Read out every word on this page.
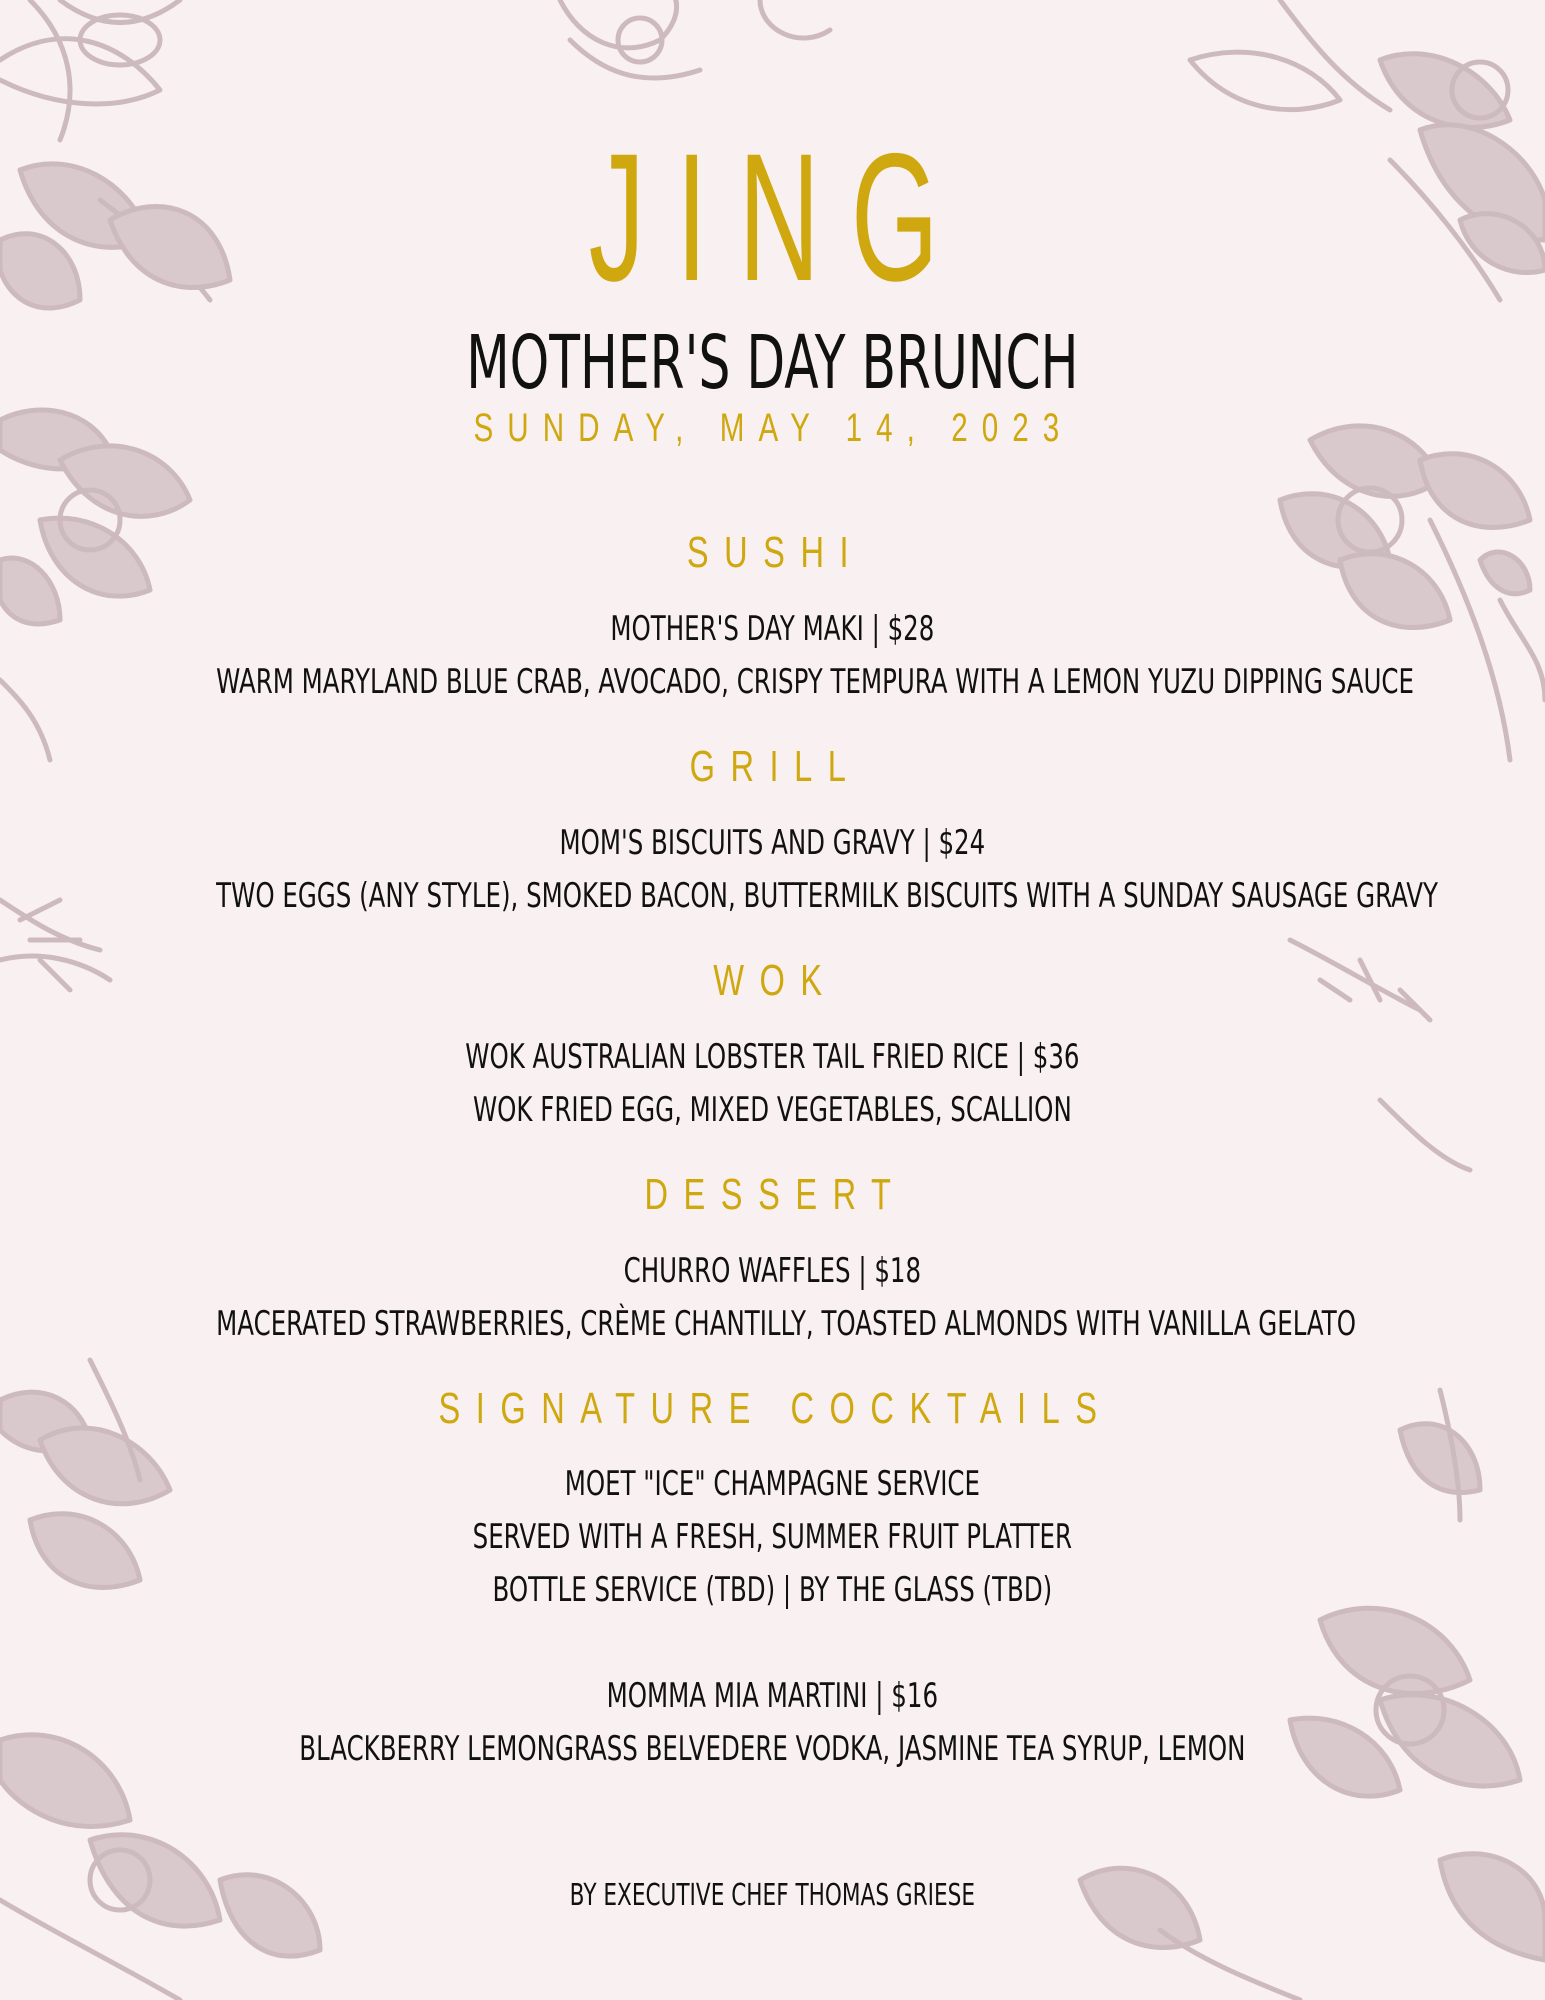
JING
MOTHER'S DAY BRUNCH
SUNDAY, MAY 14, 2023
SUSHI
MOTHER'S DAY MAKI | $28
WARM MARYLAND BLUE CRAB, AVOCADO, CRISPY TEMPURA WITH A LEMON YUZU DIPPING SAUCE
GRILL
MOM'S BISCUITS AND GRAVY | $24
TWO EGGS (ANY STYLE), SMOKED BACON, BUTTERMILK BISCUITS WITH A SUNDAY SAUSAGE GRAVY
WOK
WOK AUSTRALIAN LOBSTER TAIL FRIED RICE | $36
WOK FRIED EGG, MIXED VEGETABLES, SCALLION
DESSERT
CHURRO WAFFLES | $18
MACERATED STRAWBERRIES, CRÈME CHANTILLY, TOASTED ALMONDS WITH VANILLA GELATO
SIGNATURE COCKTAILS
MOET "ICE" CHAMPAGNE SERVICE
SERVED WITH A FRESH, SUMMER FRUIT PLATTER
BOTTLE SERVICE (TBD) | BY THE GLASS (TBD)
MOMMA MIA MARTINI | $16
BLACKBERRY LEMONGRASS BELVEDERE VODKA, JASMINE TEA SYRUP, LEMON
BY EXECUTIVE CHEF THOMAS GRIESE
